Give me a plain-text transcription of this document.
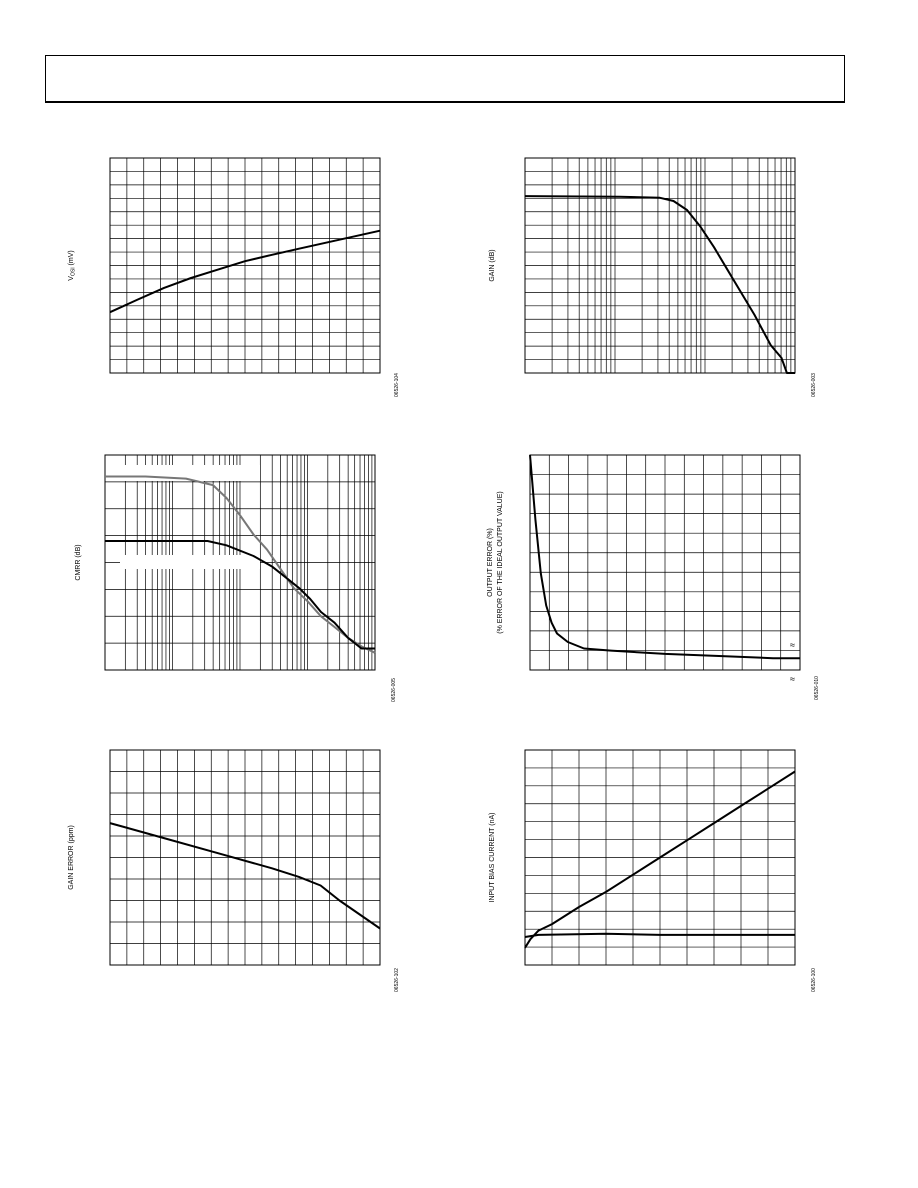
$V_{OSI}$ (mV)
06526-104
GAIN (dB)
06526-003
CMRR (dB)
06526-005
OUTPUT ERROR (%) (% ERROR OF THE IDEAL OUTPUT VALUE)
06526-010
≈
≈
GAIN ERROR (ppm)
06526-102
INPUT BIAS CURRENT (nA)
06526-100
